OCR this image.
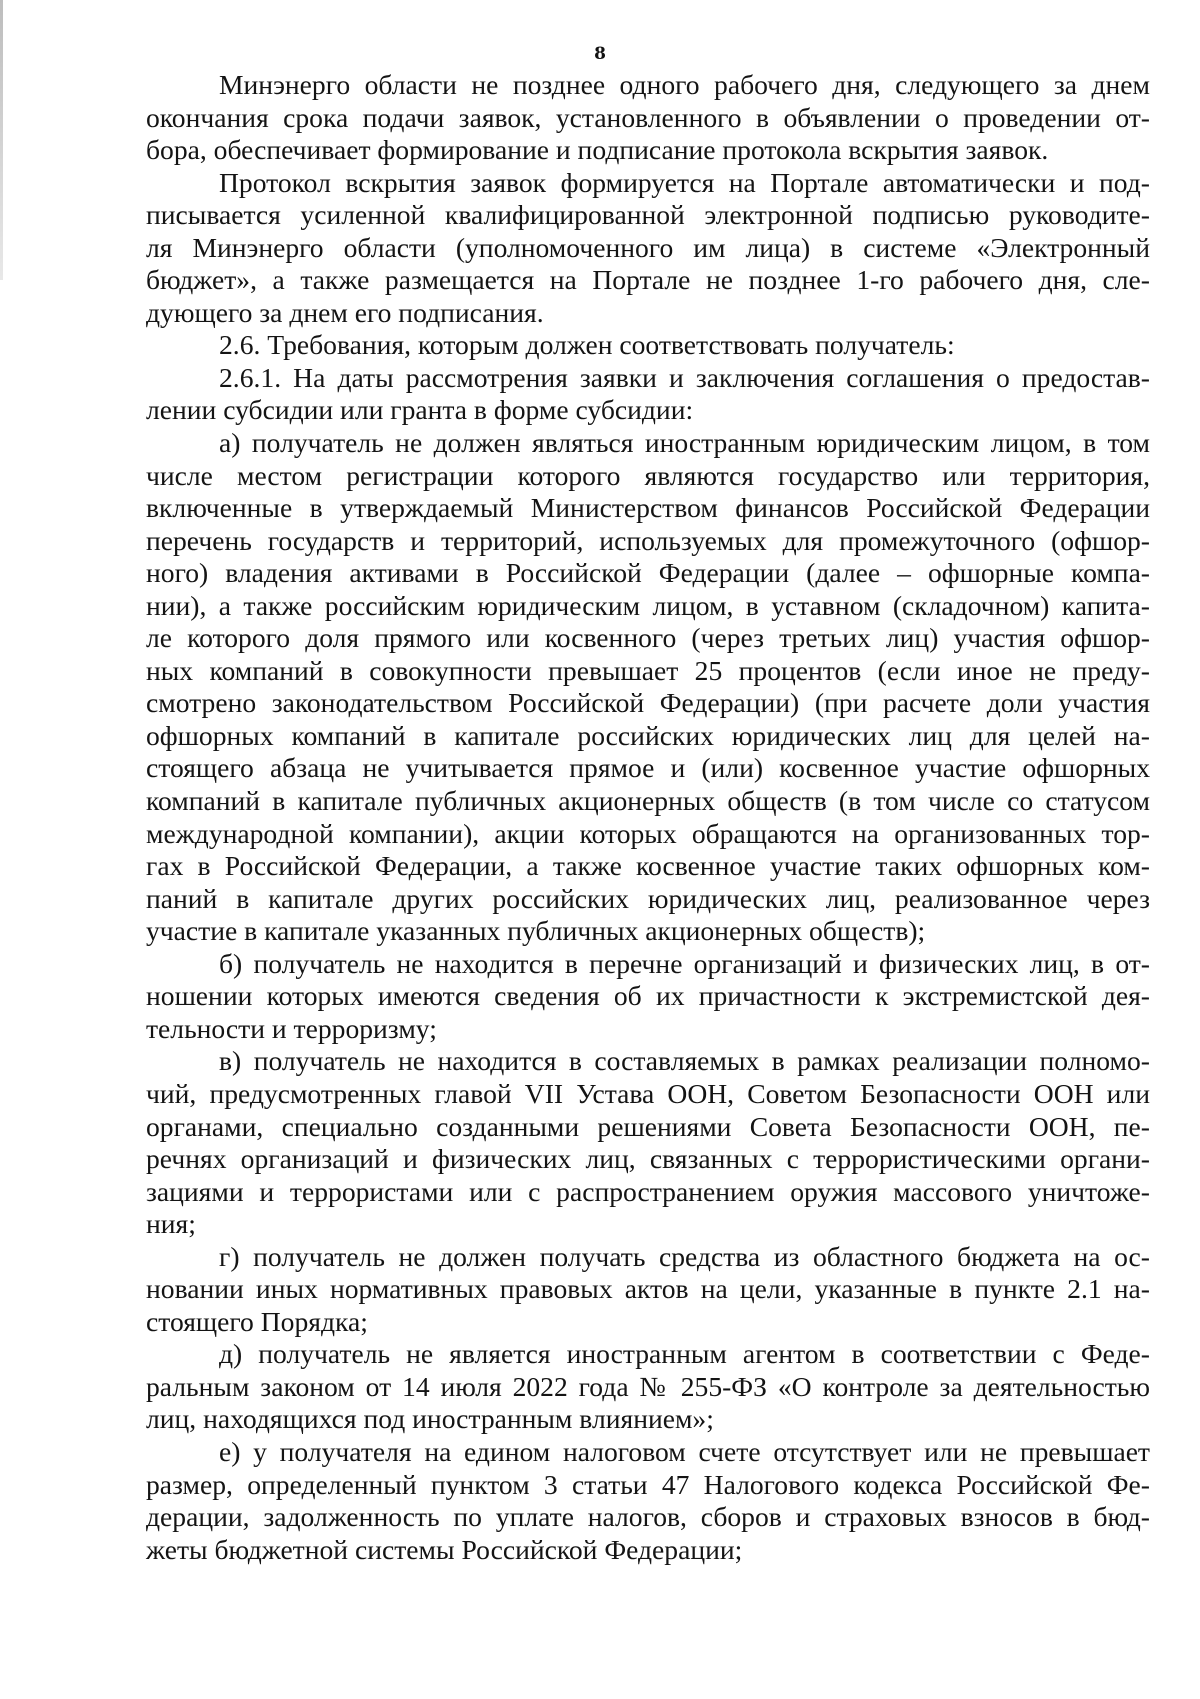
8
Минэнерго области не позднее одного рабочего дня, следующего за днем
окончания срока подачи заявок, установленного в объявлении о проведении от-
бора, обеспечивает формирование и подписание протокола вскрытия заявок.
Протокол вскрытия заявок формируется на Портале автоматически и под-
писывается усиленной квалифицированной электронной подписью руководите-
ля Минэнерго области (уполномоченного им лица) в системе «Электронный
бюджет», а также размещается на Портале не позднее 1-го рабочего дня, сле-
дующего за днем его подписания.
2.6. Требования, которым должен соответствовать получатель:
2.6.1. На даты рассмотрения заявки и заключения соглашения о предостав-
лении субсидии или гранта в форме субсидии:
а) получатель не должен являться иностранным юридическим лицом, в том
числе местом регистрации которого являются государство или территория,
включенные в утверждаемый Министерством финансов Российской Федерации
перечень государств и территорий, используемых для промежуточного (офшор-
ного) владения активами в Российской Федерации (далее – офшорные компа-
нии), а также российским юридическим лицом, в уставном (складочном) капита-
ле которого доля прямого или косвенного (через третьих лиц) участия офшор-
ных компаний в совокупности превышает 25 процентов (если иное не преду-
смотрено законодательством Российской Федерации) (при расчете доли участия
офшорных компаний в капитале российских юридических лиц для целей на-
стоящего абзаца не учитывается прямое и (или) косвенное участие офшорных
компаний в капитале публичных акционерных обществ (в том числе со статусом
международной компании), акции которых обращаются на организованных тор-
гах в Российской Федерации, а также косвенное участие таких офшорных ком-
паний в капитале других российских юридических лиц, реализованное через
участие в капитале указанных публичных акционерных обществ);
б) получатель не находится в перечне организаций и физических лиц, в от-
ношении которых имеются сведения об их причастности к экстремистской дея-
тельности и терроризму;
в) получатель не находится в составляемых в рамках реализации полномо-
чий, предусмотренных главой VII Устава ООН, Советом Безопасности ООН или
органами, специально созданными решениями Совета Безопасности ООН, пе-
речнях организаций и физических лиц, связанных с террористическими органи-
зациями и террористами или с распространением оружия массового уничтоже-
ния;
г) получатель не должен получать средства из областного бюджета на ос-
новании иных нормативных правовых актов на цели, указанные в пункте 2.1 на-
стоящего Порядка;
д) получатель не является иностранным агентом в соответствии с Феде-
ральным законом от 14 июля 2022 года № 255-ФЗ «О контроле за деятельностью
лиц, находящихся под иностранным влиянием»;
е) у получателя на едином налоговом счете отсутствует или не превышает
размер, определенный пунктом 3 статьи 47 Налогового кодекса Российской Фе-
дерации, задолженность по уплате налогов, сборов и страховых взносов в бюд-
жеты бюджетной системы Российской Федерации;
